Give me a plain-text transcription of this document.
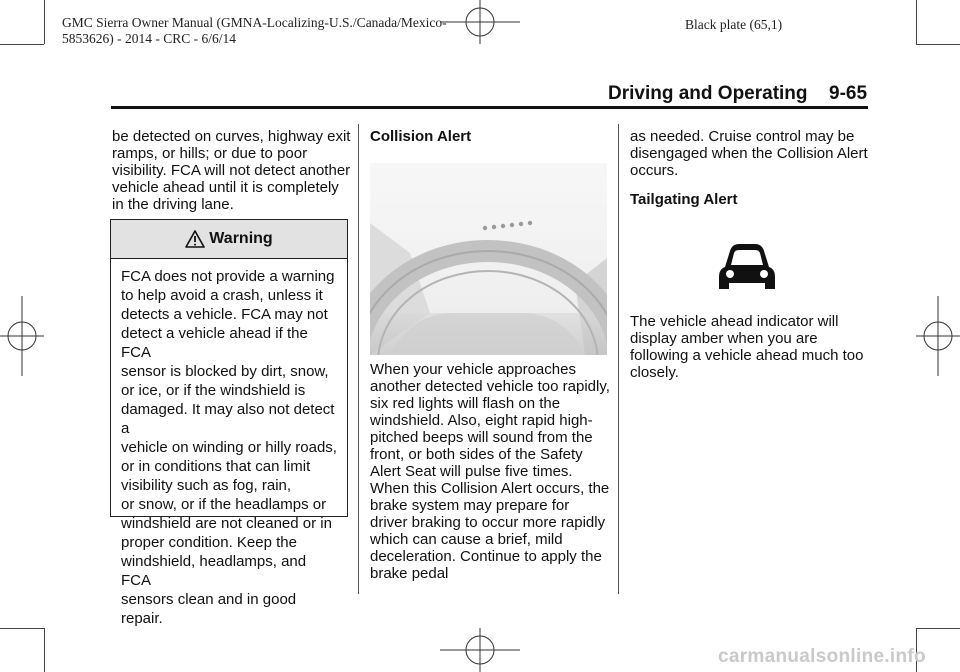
GMC Sierra Owner Manual (GMNA-Localizing-U.S./Canada/Mexico-
5853626) - 2014 - CRC - 6/6/14
Black plate (65,1)
Driving and Operating 9-65

be detected on curves, highway exit ramps, or hills; or due to poor visibility. FCA will not detect another vehicle ahead until it is completely in the driving lane.

Warning
FCA does not provide a warning
to help avoid a crash, unless it
detects a vehicle. FCA may not
detect a vehicle ahead if the FCA
sensor is blocked by dirt, snow,
or ice, or if the windshield is
damaged. It may also not detect a
vehicle on winding or hilly roads,
or in conditions that can limit
visibility such as fog, rain,
or snow, or if the headlamps or
windshield are not cleaned or in
proper condition. Keep the
windshield, headlamps, and FCA
sensors clean and in good repair.

Collision Alert

When your vehicle approaches another detected vehicle too rapidly, six red lights will flash on the windshield. Also, eight rapid high-pitched beeps will sound from the front, or both sides of the Safety Alert Seat will pulse five times. When this Collision Alert occurs, the brake system may prepare for driver braking to occur more rapidly which can cause a brief, mild deceleration. Continue to apply the brake pedal

as needed. Cruise control may be disengaged when the Collision Alert occurs.

Tailgating Alert

The vehicle ahead indicator will display amber when you are following a vehicle ahead much too closely.

carmanualsonline.info
